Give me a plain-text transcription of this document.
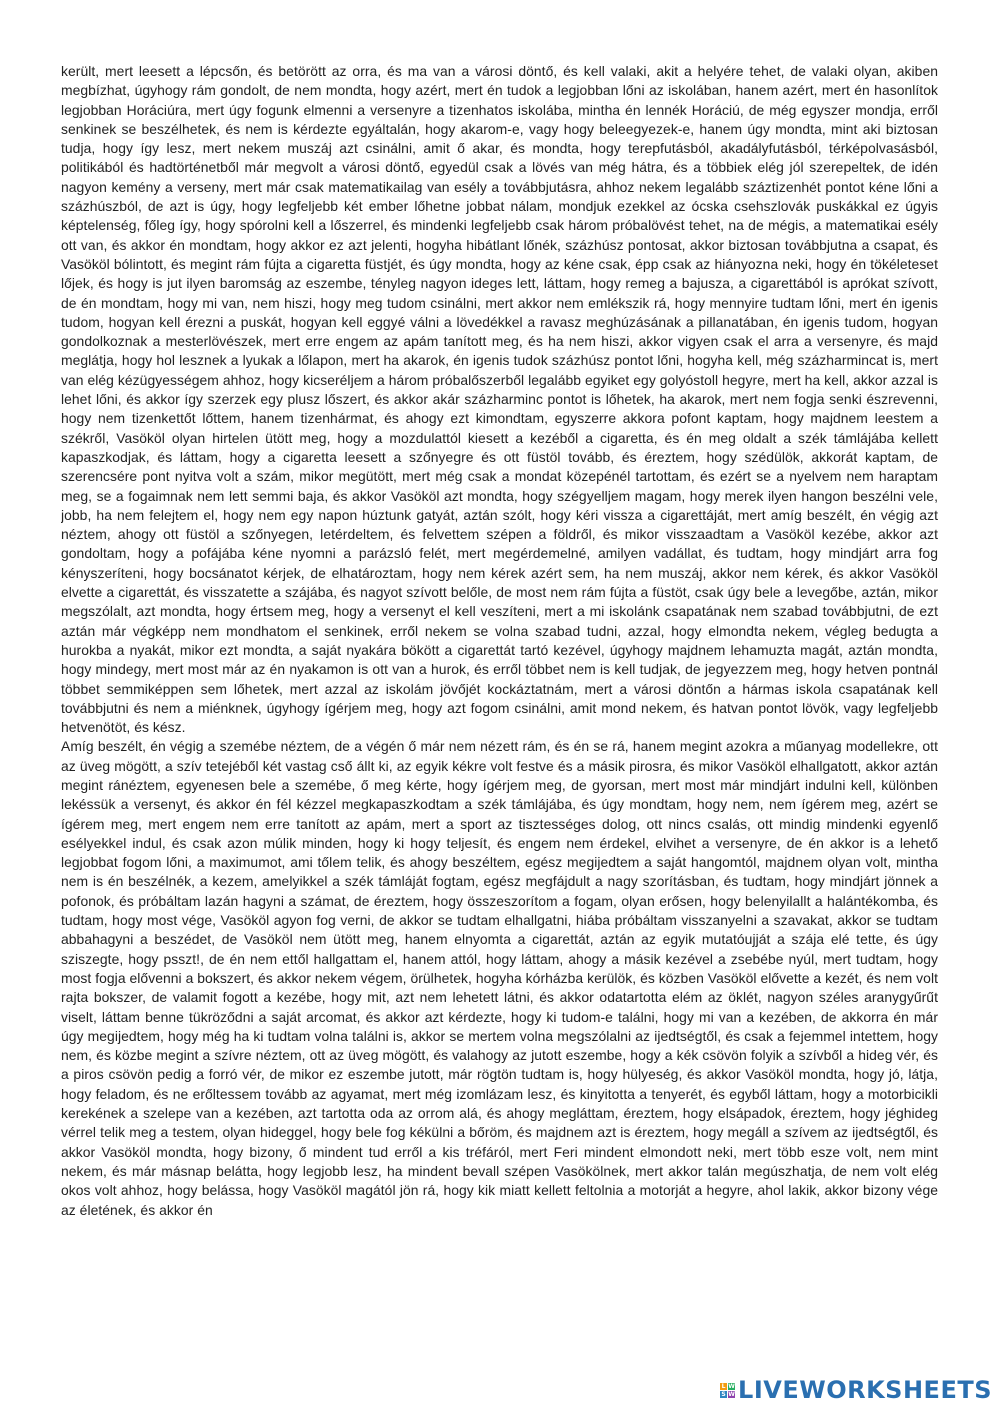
került, mert leesett a lépcsőn, és betörött az orra, és ma van a városi döntő, és kell valaki, akit a helyére tehet, de valaki olyan, akiben megbízhat, úgyhogy rám gondolt, de nem mondta, hogy azért, mert én tudok a legjobban lőni az iskolában, hanem azért, mert én hasonlítok legjobban Horáciúra, mert úgy fogunk elmenni a versenyre a tizenhatos iskolába, mintha én lennék Horáciú, de még egyszer mondja, erről senkinek se beszélhetek, és nem is kérdezte egyáltalán, hogy akarom-e, vagy hogy beleegyezek-e, hanem úgy mondta, mint aki biztosan tudja, hogy így lesz, mert nekem muszáj azt csinálni, amit ő akar, és mondta, hogy terepfutásból, akadályfutásból, térképolvasásból, politikából és hadtörténetből már megvolt a városi döntő, egyedül csak a lövés van még hátra, és a többiek elég jól szerepeltek, de idén nagyon kemény a verseny, mert már csak matematikailag van esély a továbbjutásra, ahhoz nekem legalább száztizenhét pontot kéne lőni a százhúszból, de azt is úgy, hogy legfeljebb két ember lőhetne jobbat nálam, mondjuk ezekkel az ócska csehszlovák puskákkal ez úgyis képtelenség, főleg így, hogy spórolni kell a lőszerrel, és mindenki legfeljebb csak három próbalövést tehet, na de mégis, a matematikai esély ott van, és akkor én mondtam, hogy akkor ez azt jelenti, hogyha hibátlant lőnék, százhúsz pontosat, akkor biztosan továbbjutna a csapat, és Vasököl bólintott, és megint rám fújta a cigaretta füstjét, és úgy mondta, hogy az kéne csak, épp csak az hiányozna neki, hogy én tökéleteset lőjek, és hogy is jut ilyen baromság az eszembe, tényleg nagyon ideges lett, láttam, hogy remeg a bajusza, a cigarettából is aprókat szívott, de én mondtam, hogy mi van, nem hiszi, hogy meg tudom csinálni, mert akkor nem emlékszik rá, hogy mennyire tudtam lőni, mert én igenis tudom, hogyan kell érezni a puskát, hogyan kell eggyé válni a lövedékkel a ravasz meghúzásának a pillanatában, én igenis tudom, hogyan gondolkoznak a mesterlövészek, mert erre engem az apám tanított meg, és ha nem hiszi, akkor vigyen csak el arra a versenyre, és majd meglátja, hogy hol lesznek a lyukak a lőlapon, mert ha akarok, én igenis tudok százhúsz pontot lőni, hogyha kell, még százharmincat is, mert van elég kézügyességem ahhoz, hogy kicseréljem a három próbalőszerből legalább egyiket egy golyóstoll hegyre, mert ha kell, akkor azzal is lehet lőni, és akkor így szerzek egy plusz lőszert, és akkor akár százharminc pontot is lőhetek, ha akarok, mert nem fogja senki észrevenni, hogy nem tizenkettőt lőttem, hanem tizenhármat, és ahogy ezt kimondtam, egyszerre akkora pofont kaptam, hogy majdnem leestem a székről, Vasököl olyan hirtelen ütött meg, hogy a mozdulattól kiesett a kezéből a cigaretta, és én meg oldalt a szék támlájába kellett kapaszkodjak, és láttam, hogy a cigaretta leesett a szőnyegre és ott füstöl tovább, és éreztem, hogy szédülök, akkorát kaptam, de szerencsére pont nyitva volt a szám, mikor megütött, mert még csak a mondat közepénél tartottam, és ezért se a nyelvem nem haraptam meg, se a fogaimnak nem lett semmi baja, és akkor Vasököl azt mondta, hogy szégyelljem magam, hogy merek ilyen hangon beszélni vele, jobb, ha nem felejtem el, hogy nem egy napon húztunk gatyát, aztán szólt, hogy kéri vissza a cigarettáját, mert amíg beszélt, én végig azt néztem, ahogy ott füstöl a szőnyegen, letérdeltem, és felvettem szépen a földről, és mikor visszaadtam a Vasököl kezébe, akkor azt gondoltam, hogy a pofájába kéne nyomni a parázsló felét, mert megérdemelné, amilyen vadállat, és tudtam, hogy mindjárt arra fog kényszeríteni, hogy bocsánatot kérjek, de elhatároztam, hogy nem kérek azért sem, ha nem muszáj, akkor nem kérek, és akkor Vasököl elvette a cigarettát, és visszatette a szájába, és nagyot szívott belőle, de most nem rám fújta a füstöt, csak úgy bele a levegőbe, aztán, mikor megszólalt, azt mondta, hogy értsem meg, hogy a versenyt el kell veszíteni, mert a mi iskolánk csapatának nem szabad továbbjutni, de ezt aztán már végképp nem mondhatom el senkinek, erről nekem se volna szabad tudni, azzal, hogy elmondta nekem, végleg bedugta a hurokba a nyakát, mikor ezt mondta, a saját nyakára bökött a cigarettát tartó kezével, úgyhogy majdnem lehamuzta magát, aztán mondta, hogy mindegy, mert most már az én nyakamon is ott van a hurok, és erről többet nem is kell tudjak, de jegyezzem meg, hogy hetven pontnál többet semmiképpen sem lőhetek, mert azzal az iskolám jövőjét kockáztatnám, mert a városi döntőn a hármas iskola csapatának kell továbbjutni és nem a miénknek, úgyhogy ígérjem meg, hogy azt fogom csinálni, amit mond nekem, és hatvan pontot lövök, vagy legfeljebb hetvenötöt, és kész.

Amíg beszélt, én végig a szemébe néztem, de a végén ő már nem nézett rám, és én se rá, hanem megint azokra a műanyag modellekre, ott az üveg mögött, a szív tetejéből két vastag cső állt ki, az egyik kékre volt festve és a másik pirosra, és mikor Vasököl elhallgatott, akkor aztán megint ránéztem, egyenesen bele a szemébe, ő meg kérte, hogy ígérjem meg, de gyorsan, mert most már mindjárt indulni kell, különben lekéssük a versenyt, és akkor én fél kézzel megkapaszkodtam a szék támlájába, és úgy mondtam, hogy nem, nem ígérem meg, azért se ígérem meg, mert engem nem erre tanított az apám, mert a sport az tisztességes dolog, ott nincs csalás, ott mindig mindenki egyenlő esélyekkel indul, és csak azon múlik minden, hogy ki hogy teljesít, és engem nem érdekel, elvihet a versenyre, de én akkor is a lehető legjobbat fogom lőni, a maximumot, ami tőlem telik, és ahogy beszéltem, egész megijedtem a saját hangomtól, majdnem olyan volt, mintha nem is én beszélnék, a kezem, amelyikkel a szék támláját fogtam, egész megfájdult a nagy szorításban, és tudtam, hogy mindjárt jönnek a pofonok, és próbáltam lazán hagyni a számat, de éreztem, hogy összeszorítom a fogam, olyan erősen, hogy belenyilallt a halántékomba, és tudtam, hogy most vége, Vasököl agyon fog verni, de akkor se tudtam elhallgatni, hiába próbáltam visszanyelni a szavakat, akkor se tudtam abbahagyni a beszédet, de Vasököl nem ütött meg, hanem elnyomta a cigarettát, aztán az egyik mutatóujját a szája elé tette, és úgy sziszegte, hogy psszt!, de én nem ettől hallgattam el, hanem attól, hogy láttam, ahogy a másik kezével a zsebébe nyúl, mert tudtam, hogy most fogja elővenni a bokszert, és akkor nekem végem, örülhetek, hogyha kórházba kerülök, és közben Vasököl elővette a kezét, és nem volt rajta bokszer, de valamit fogott a kezébe, hogy mit, azt nem lehetett látni, és akkor odatartotta elém az öklét, nagyon széles aranygyűrűt viselt, láttam benne tükröződni a saját arcomat, és akkor azt kérdezte, hogy ki tudom-e találni, hogy mi van a kezében, de akkorra én már úgy megijedtem, hogy még ha ki tudtam volna találni is, akkor se mertem volna megszólalni az ijedtségtől, és csak a fejemmel intettem, hogy nem, és közbe megint a szívre néztem, ott az üveg mögött, és valahogy az jutott eszembe, hogy a kék csövön folyik a szívből a hideg vér, és a piros csövön pedig a forró vér, de mikor ez eszembe jutott, már rögtön tudtam is, hogy hülyeség, és akkor Vasököl mondta, hogy jó, látja, hogy feladom, és ne erőltessem tovább az agyamat, mert még izomlázam lesz, és kinyitotta a tenyerét, és egyből láttam, hogy a motorbicikli kerekének a szelepe van a kezében, azt tartotta oda az orrom alá, és ahogy megláttam, éreztem, hogy elsápadok, éreztem, hogy jéghideg vérrel telik meg a testem, olyan hideggel, hogy bele fog kékülni a bőröm, és majdnem azt is éreztem, hogy megáll a szívem az ijedtségtől, és akkor Vasököl mondta, hogy bizony, ő mindent tud erről a kis tréfáról, mert Feri mindent elmondott neki, mert több esze volt, nem mint nekem, és már másnap belátta, hogy legjobb lesz, ha mindent bevall szépen Vasökölnek, mert akkor talán megúszhatja, de nem volt elég okos volt ahhoz, hogy belássa, hogy Vasököl magától jön rá, hogy kik miatt kellett feltolnia a motorját a hegyre, ahol lakik, akkor bizony vége az életének, és akkor én

L W
S W LIVEWORKSHEETS
